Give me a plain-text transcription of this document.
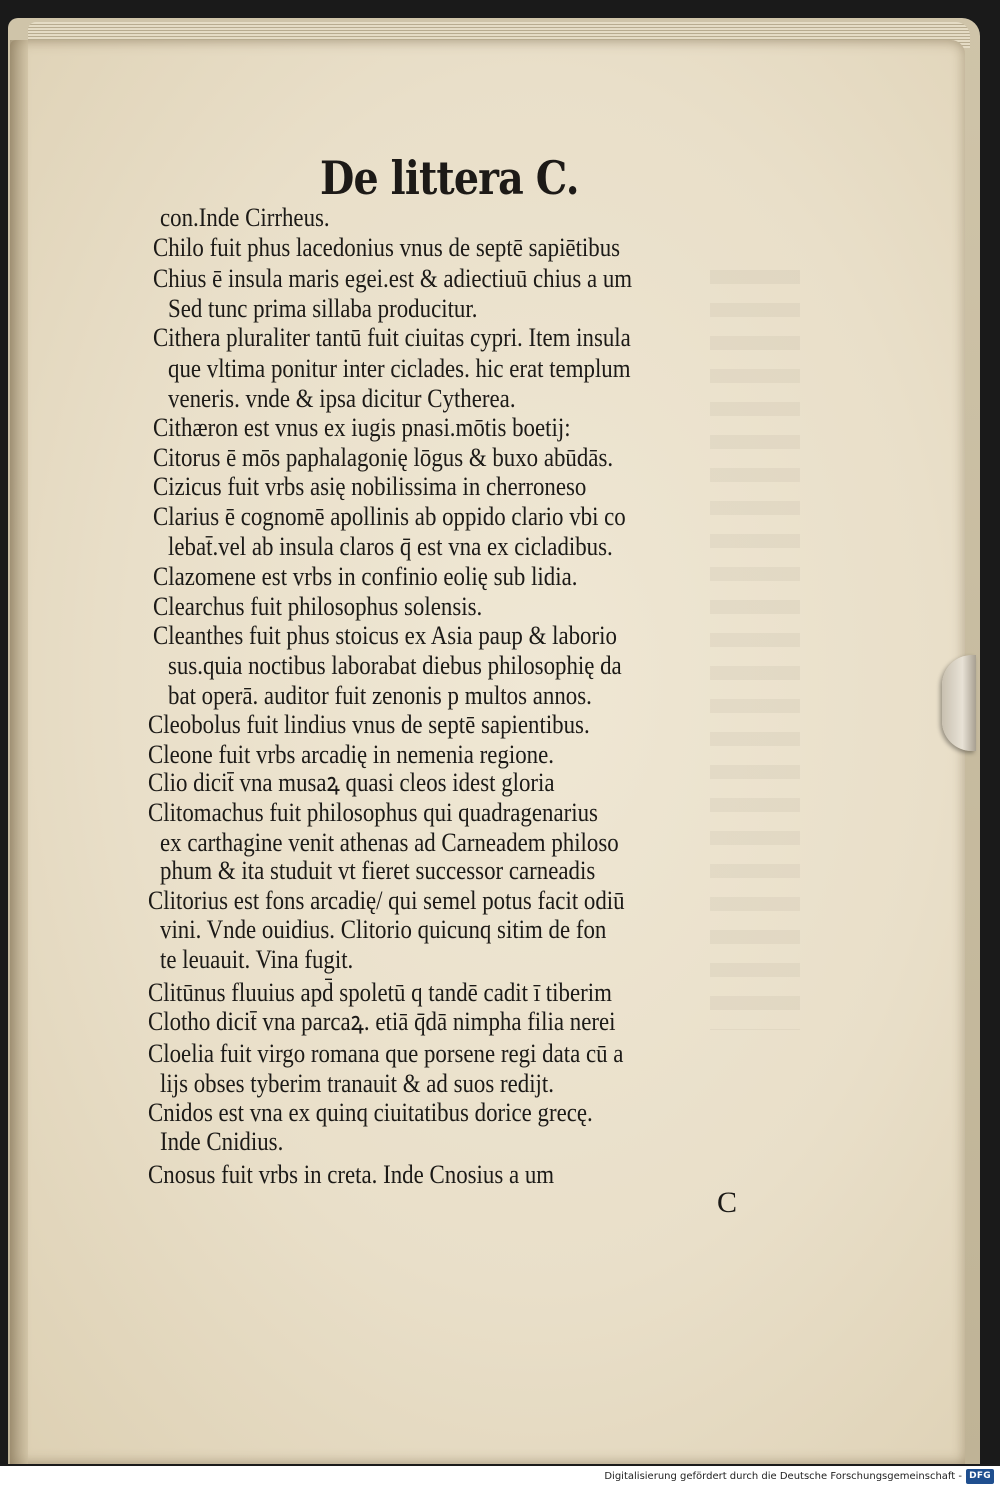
De littera C.
con.Inde Cirrheus.
Chilo fuit phus lacedonius vnus de septē sapiētibus
Chius ē insula maris egei.est & adiectiuū chius a um
Sed tunc prima sillaba producitur.
Cithera pluraliter tantū fuit ciuitas cypri. Item insula
que vltima ponitur inter ciclades. hic erat templum
veneris. vnde & ipsa dicitur Cytherea.
Cithæron est vnus ex iugis pnasi.mōtis boetij:
Citorus ē mōs paphalagonię lōgus & buxo abūdās.
Cizicus fuit vrbs asię nobilissima in cherroneso
Clarius ē cognomē apollinis ab oppido clario vbi co
lebat̄.vel ab insula claros q̄ est vna ex cicladibus.
Clazomene est vrbs in confinio eolię sub lidia.
Clearchus fuit philosophus solensis.
Cleanthes fuit phus stoicus ex Asia paup & laborio
sus.quia noctibus laborabat diebus philosophię da
bat operā. auditor fuit zenonis p multos annos.
Cleobolus fuit lindius vnus de septē sapientibus.
Cleone fuit vrbs arcadię in nemenia regione.
Clio dicit̄ vna musaꝝ quasi cleos idest gloria
Clitomachus fuit philosophus qui quadragenarius
ex carthagine venit athenas ad Carneadem philoso
phum & ita studuit vt fieret successor carneadis
Clitorius est fons arcadię/ qui semel potus facit odiū
vini. Vnde ouidius. Clitorio quicunq sitim de fon
te leuauit. Vina fugit.
Clitūnus fluuius apd̄ spoletū q tandē cadit ī tiberim
Clotho dicit̄ vna parcaꝝ. etiā q̄dā nimpha filia nerei
Cloelia fuit virgo romana que porsene regi data cū a
lijs obses tyberim tranauit & ad suos redijt.
Cnidos est vna ex quinq ciuitatibus dorice grecę.
Inde Cnidius.
Cnosus fuit vrbs in creta. Inde Cnosius a um
C
Digitalisierung gefördert durch die Deutsche Forschungsgemeinschaft - DFG
